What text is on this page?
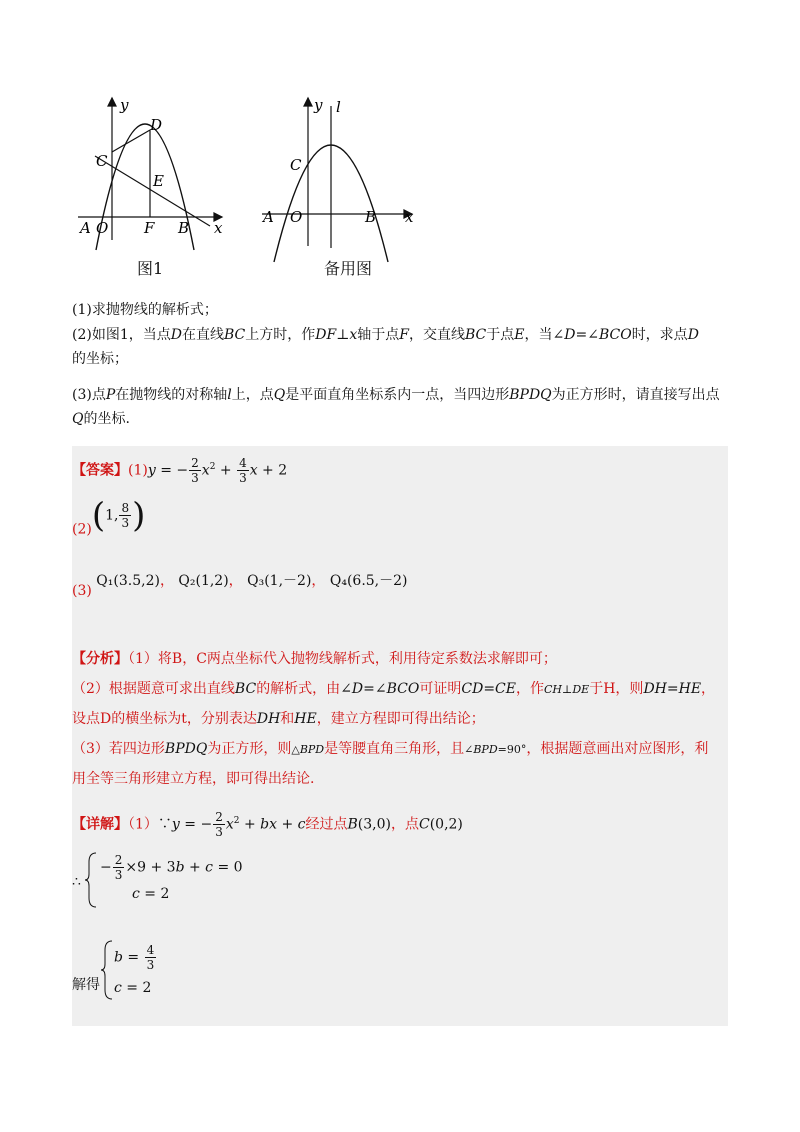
y
D
C
E
A O F B x
y l
C
A O	B x
图1	备用图
(1)求抛物线的解析式；
(2)如图1，当点D在直线BC上方时，作DF⊥x轴于点F，交直线BC于点E，当∠D=∠BCO时，求点D
的坐标；
(3)点P在抛物线的对称轴l上，点Q是平面直角坐标系内一点，当四边形BPDQ为正方形时，请直接写出点
Q的坐标.
【答案】(1)y = − $\frac{2}{3} x^2 + \frac{4}{3}$ x + 2
(2)(1, $\frac{8}{3}$ )
(3) Q₁(3.5,2)， Q₂(1,2)， Q₃(1,－2)， Q₄(6.5,－2)
【分析】（1）将B，C两点坐标代入抛物线解析式，利用待定系数法求解即可；
（2）根据题意可求出直线BC的解析式，由∠D=∠BCO可证明CD=CE，作CH⊥DE于H，则DH=HE，
设点D的横坐标为t，分别表达DH和HE，建立方程即可得出结论；
（3）若四边形BPDQ为正方形，则△BPD是等腰直角三角形，且∠BPD=90°，根据题意画出对应图形，利
用全等三角形建立方程，即可得出结论.
【详解】（1）∵y = − $\frac{2}{3} x^2$ + bx + c经过点B(3,0)，点C(0,2)
∴
− $\frac{2}{3} \times 9 + 3b + c = 0$
c = 2
解得
$b = \frac{4}{3}$
c = 2
